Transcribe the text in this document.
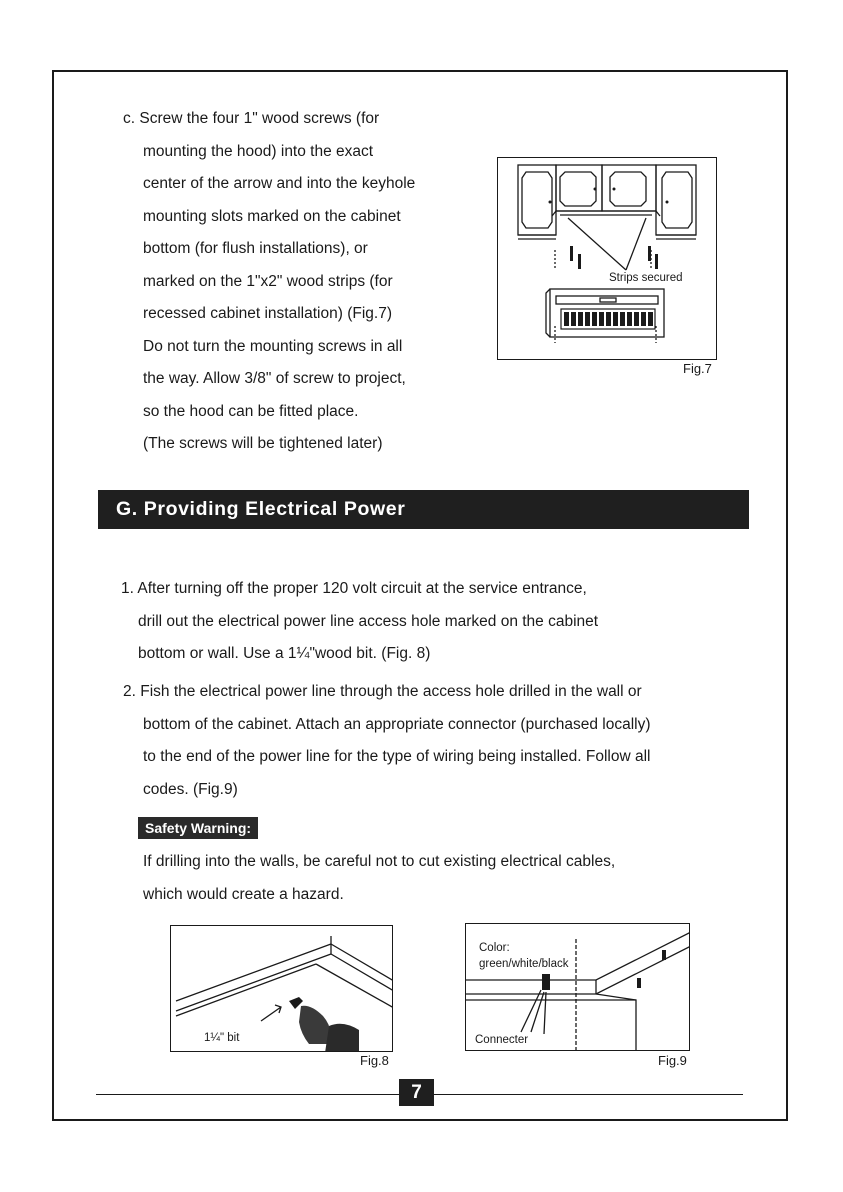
c. Screw the four 1" wood screws (for
mounting the hood) into the exact
center of the arrow and into the keyhole
mounting slots marked on the cabinet
bottom (for flush installations), or
marked on the 1"x2" wood strips (for
recessed cabinet installation) (Fig.7)
Do not turn the mounting screws in all
the way. Allow 3/8" of screw to project,
so the hood can be fitted place.
(The screws will be tightened later)
Strips secured
Fig.7
G. Providing Electrical Power
1. After turning off the proper 120 volt circuit at the service entrance,
drill out the electrical power line access hole marked on the cabinet
bottom or wall. Use a 1¼"wood bit. (Fig. 8)
2. Fish the electrical power line through the access hole drilled in the wall or
bottom of the cabinet. Attach an appropriate connector (purchased locally)
to the end of the power line for the type of wiring being installed. Follow all
codes. (Fig.9)
Safety Warning:
If drilling into the walls, be careful not to cut existing electrical cables,
which would create a hazard.
1¼" bit
Fig.8
Color:
green/white/black
Connecter
Fig.9
7
